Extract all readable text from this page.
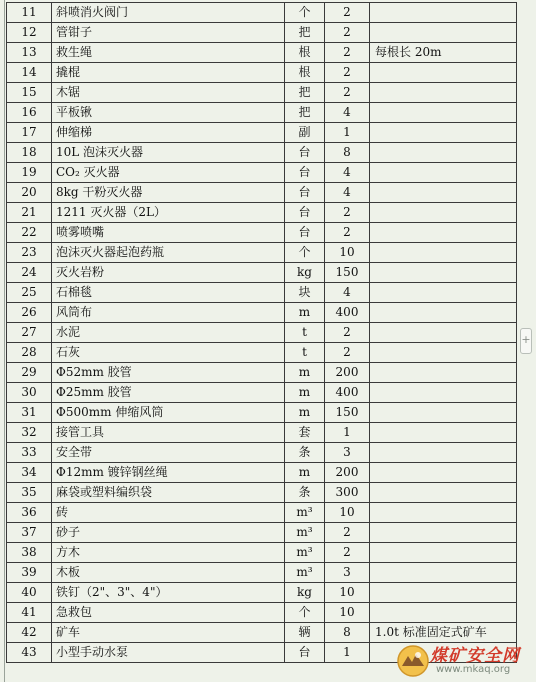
11	斜喷消火阀门	个	2	
12	管钳子	把	2	
13	救生绳	根	2	每根长 20m
14	撬棍	根	2	
15	木锯	把	2	
16	平板锹	把	4	
17	伸缩梯	副	1	
18	10L 泡沫灭火器	台	8	
19	CO₂ 灭火器	台	4	
20	8kg 干粉灭火器	台	4	
21	1211 灭火器（2L）	台	2	
22	喷雾喷嘴	台	2	
23	泡沫灭火器起泡药瓶	个	10	
24	灭火岩粉	kg	150	
25	石棉毯	块	4	
26	风筒布	m	400	
27	水泥	t	2	
28	石灰	t	2	
29	Φ52mm 胶管	m	200	
30	Φ25mm 胶管	m	400	
31	Φ500mm 伸缩风筒	m	150	
32	接管工具	套	1	
33	安全带	条	3	
34	Φ12mm 镀锌钢丝绳	m	200	
35	麻袋或塑料编织袋	条	300	
36	砖	m³	10	
37	砂子	m³	2	
38	方木	m³	2	
39	木板	m³	3	
40	铁钉（2"、3"、4"）	kg	10	
41	急救包	个	10	
42	矿车	辆	8	1.0t 标准固定式矿车
43	小型手动水泵	台	1	
+
煤矿安全网
www.mkaq.org
